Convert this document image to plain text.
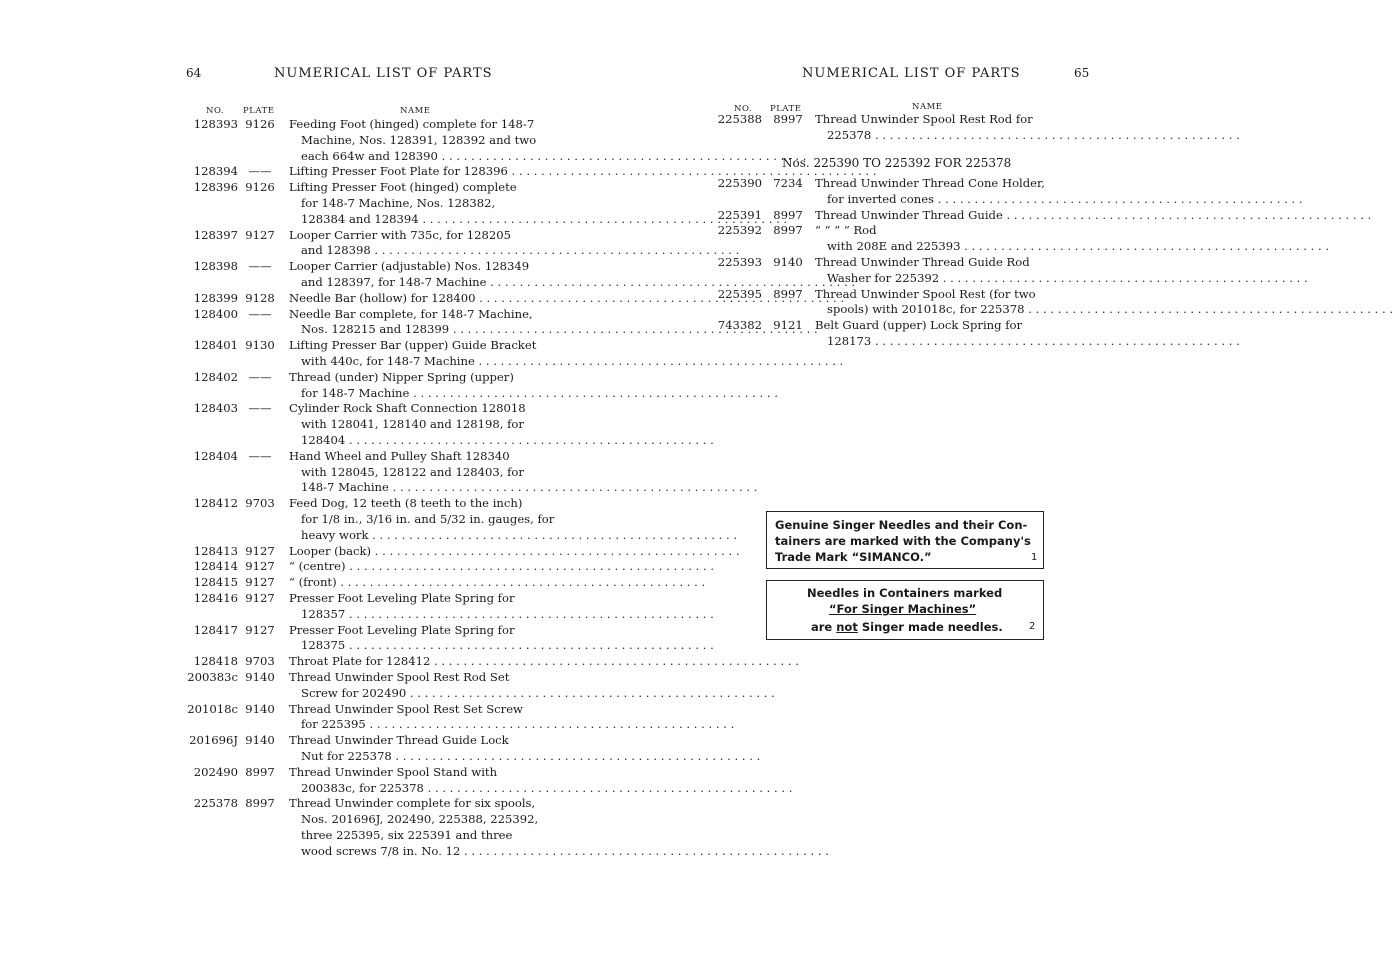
64	NUMERICAL LIST OF PARTS
NO. PLATE	NAME
128393 9126	Feeding Foot (hinged) complete for 148-7
Machine, Nos. 128391, 128392 and two
each 664w and 128390 . . .
128394 ——	Lifting Presser Foot Plate for 128396 . . .
128396 9126	Lifting Presser Foot (hinged) complete
for 148-7 Machine, Nos. 128382,
128384 and 128394 . . .
128397 9127	Looper Carrier with 735c, for 128205
and 128398 . . .
128398 ——	Looper Carrier (adjustable) Nos. 128349
and 128397, for 148-7 Machine . . .
128399 9128	Needle Bar (hollow) for 128400 . . .
128400 ——	Needle Bar complete, for 148-7 Machine,
Nos. 128215 and 128399 . . .
128401 9130	Lifting Presser Bar (upper) Guide Bracket
with 440c, for 148-7 Machine . . .
128402 ——	Thread (under) Nipper Spring (upper)
for 148-7 Machine . . .
128403 ——	Cylinder Rock Shaft Connection 128018
with 128041, 128140 and 128198, for
128404 . . .
128404 ——	Hand Wheel and Pulley Shaft 128340
with 128045, 128122 and 128403, for
148-7 Machine . . .
128412 9703	Feed Dog, 12 teeth (8 teeth to the inch)
for 1/8 in., 3/16 in. and 5/32 in. gauges, for
heavy work . . .
128413 9127	Looper (back) . . .
128414 9127	“ (centre) . . .
128415 9127	“ (front) . . .
128416 9127	Presser Foot Leveling Plate Spring for
128357 . . .
128417 9127	Presser Foot Leveling Plate Spring for
128375 . . .
128418 9703	Throat Plate for 128412 . . .
200383c 9140	Thread Unwinder Spool Rest Rod Set
Screw for 202490 . . .
201018c 9140	Thread Unwinder Spool Rest Set Screw
for 225395 . . .
201696J 9140	Thread Unwinder Thread Guide Lock
Nut for 225378 . . .
202490 8997	Thread Unwinder Spool Stand with
200383c, for 225378 . . .
225378 8997	Thread Unwinder complete for six spools,
Nos. 201696J, 202490, 225388, 225392,
three 225395, six 225391 and three
wood screws 7/8 in. No. 12 . . .
NUMERICAL LIST OF PARTS	65
NO. PLATE	NAME
225388 8997	Thread Unwinder Spool Rest Rod for
225378 . . .
Nos. 225390 TO 225392 FOR 225378
225390 7234	Thread Unwinder Thread Cone Holder,
for inverted cones . . .
225391 8997	Thread Unwinder Thread Guide . . .
225392 8997	“ “ “ “ Rod
with 208E and 225393 . . .
225393 9140	Thread Unwinder Thread Guide Rod
Washer for 225392 . . .
225395 8997	Thread Unwinder Spool Rest (for two
spools) with 201018c, for 225378 . . .
743382 9121	Belt Guard (upper) Lock Spring for
128173 . . .
Genuine Singer Needles and their Con-
tainers are marked with the Company's
Trade Mark “SIMANCO.”	1
Needles in Containers marked
“For Singer Machines”
are not Singer made needles.	2
